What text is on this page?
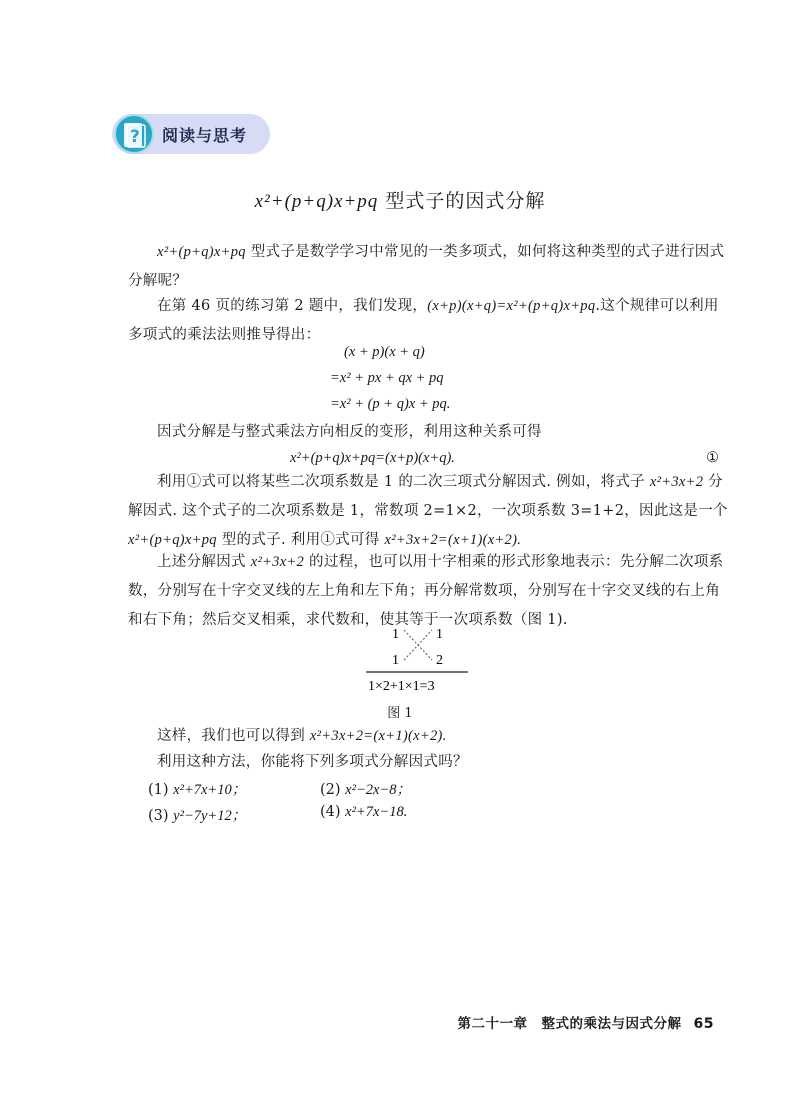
? 阅读与思考
x²+(p+q)x+pq 型式子的因式分解

x²+(p+q)x+pq 型式子是数学学习中常见的一类多项式，如何将这种类型的式子进行因式分解呢？

在第 46 页的练习第 2 题中，我们发现，(x+p)(x+q)=x²+(p+q)x+pq.这个规律可以利用多项式的乘法法则推导得出：

(x + p)(x + q)
=x² + px + qx + pq
=x² + (p + q)x + pq.

因式分解是与整式乘法方向相反的变形，利用这种关系可得

x²+(p+q)x+pq=(x+p)(x+q).	①

利用①式可以将某些二次项系数是 1 的二次三项式分解因式. 例如，将式子 x²+3x+2 分解因式. 这个式子的二次项系数是 1，常数项 2=1×2，一次项系数 3=1+2，因此这是一个 x²+(p+q)x+pq 型的式子. 利用①式可得 x²+3x+2=(x+1)(x+2).

上述分解因式 x²+3x+2 的过程，也可以用十字相乘的形式形象地表示：先分解二次项系数，分别写在十字交叉线的左上角和左下角；再分解常数项，分别写在十字交叉线的右上角和右下角；然后交叉相乘，求代数和，使其等于一次项系数（图 1).

1	1
1	2
1×2+1×1=3
图 1

这样，我们也可以得到 x²+3x+2=(x+1)(x+2).

利用这种方法，你能将下列多项式分解因式吗？

(1) x²+7x+10；	(2) x²−2x−8；
(3) y²−7y+12；	(4) x²+7x−18.
第二十一章　整式的乘法与因式分解 65
